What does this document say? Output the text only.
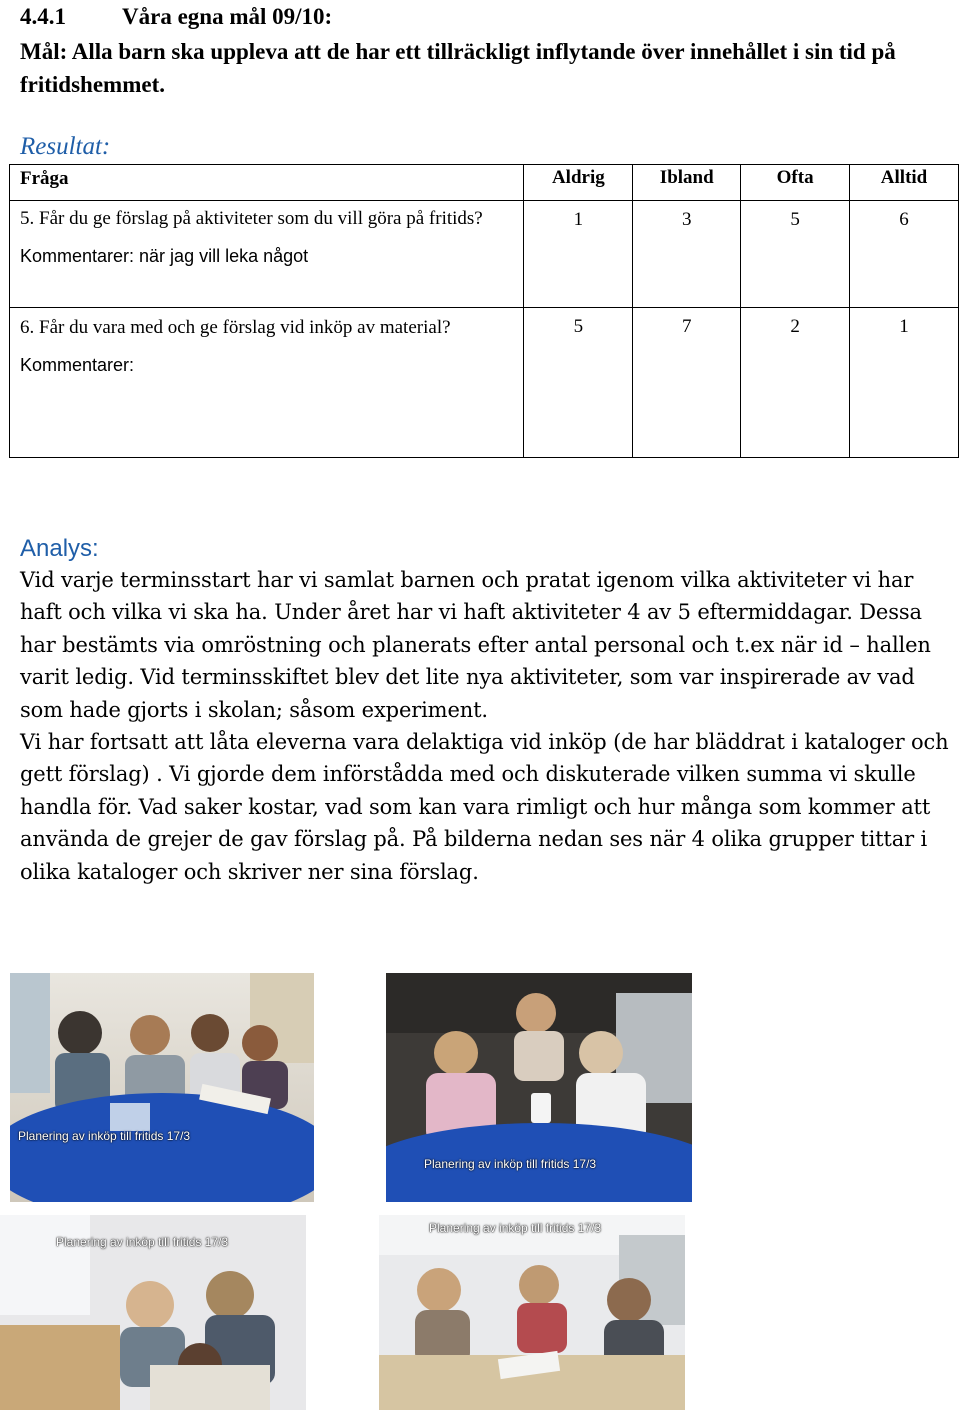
4.4.1 Våra egna mål 09/10:
Mål: Alla barn ska uppleva att de har ett tillräckligt inflytande över innehållet i sin tid på fritidshemmet.
Resultat:
Fråga	Aldrig	Ibland	Ofta	Alltid

5. Får du ge förslag på aktiviteter som du vill göra på fritids?
Kommentarer: när jag vill leka något	1	3	5	6

6. Får du vara med och ge förslag vid inköp av material?
Kommentarer:	5	7	2	1
Analys:

Vid varje terminsstart har vi samlat barnen och pratat igenom vilka aktiviteter vi har haft och vilka vi ska ha. Under året har vi haft aktiviteter 4 av 5 eftermiddagar. Dessa har bestämts via omröstning och planerats efter antal personal och t.ex när id – hallen varit ledig. Vid terminsskiftet blev det lite nya aktiviteter, som var inspirerade av vad som hade gjorts i skolan; såsom experiment.

Vi har fortsatt att låta eleverna vara delaktiga vid inköp (de har bläddrat i kataloger och gett förslag) . Vi gjorde dem införstådda med och diskuterade vilken summa vi skulle handla för. Vad saker kostar, vad som kan vara rimligt och hur många som kommer att använda de grejer de gav förslag på. På bilderna nedan ses när 4 olika grupper tittar i olika kataloger och skriver ner sina förslag.

Planering av inköp till fritids 17/3
Planering av inköp till fritids 17/3
Planering av inköp till fritids 17/3
Planering av inköp till fritids 17/3
